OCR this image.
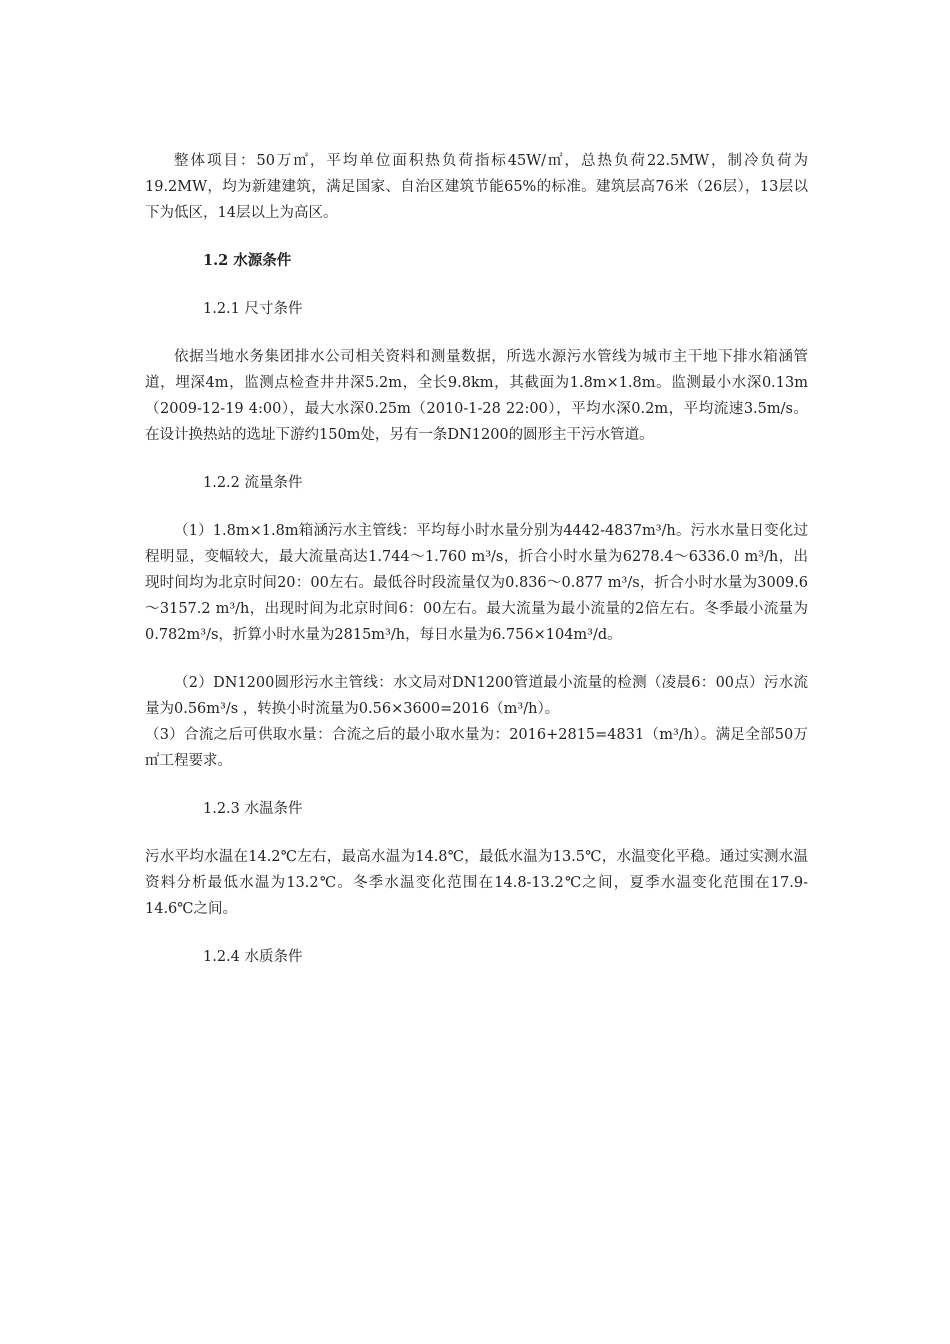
整体项目：50万㎡，平均单位面积热负荷指标45W/㎡，总热负荷22.5MW，制冷负荷为19.2MW，均为新建建筑，满足国家、自治区建筑节能65%的标准。建筑层高76米（26层），13层以下为低区，14层以上为高区。

1.2 水源条件

1.2.1 尺寸条件

依据当地水务集团排水公司相关资料和测量数据，所选水源污水管线为城市主干地下排水箱涵管道，埋深4m，监测点检查井井深5.2m，全长9.8km，其截面为1.8m×1.8m。监测最小水深0.13m（2009-12-19 4:00），最大水深0.25m（2010-1-28 22:00），平均水深0.2m，平均流速3.5m/s。在设计换热站的选址下游约150m处，另有一条DN1200的圆形主干污水管道。

1.2.2 流量条件

（1）1.8m×1.8m箱涵污水主管线：平均每小时水量分别为4442-4837m³/h。污水水量日变化过程明显，变幅较大，最大流量高达1.744～1.760 m³/s，折合小时水量为6278.4～6336.0 m³/h，出现时间均为北京时间20：00左右。最低谷时段流量仅为0.836～0.877 m³/s，折合小时水量为3009.6～3157.2 m³/h，出现时间为北京时间6：00左右。最大流量为最小流量的2倍左右。冬季最小流量为0.782m³/s，折算小时水量为2815m³/h，每日水量为6.756×104m³/d。

（2）DN1200圆形污水主管线：水文局对DN1200管道最小流量的检测（凌晨6：00点）污水流量为0.56m³/s ，转换小时流量为0.56×3600=2016（m³/h）。

（3）合流之后可供取水量：合流之后的最小取水量为：2016+2815=4831（m³/h）。满足全部50万㎡工程要求。

1.2.3 水温条件

污水平均水温在14.2℃左右，最高水温为14.8℃，最低水温为13.5℃，水温变化平稳。通过实测水温资料分析最低水温为13.2℃。冬季水温变化范围在14.8-13.2℃之间，夏季水温变化范围在17.9-14.6℃之间。

1.2.4 水质条件
